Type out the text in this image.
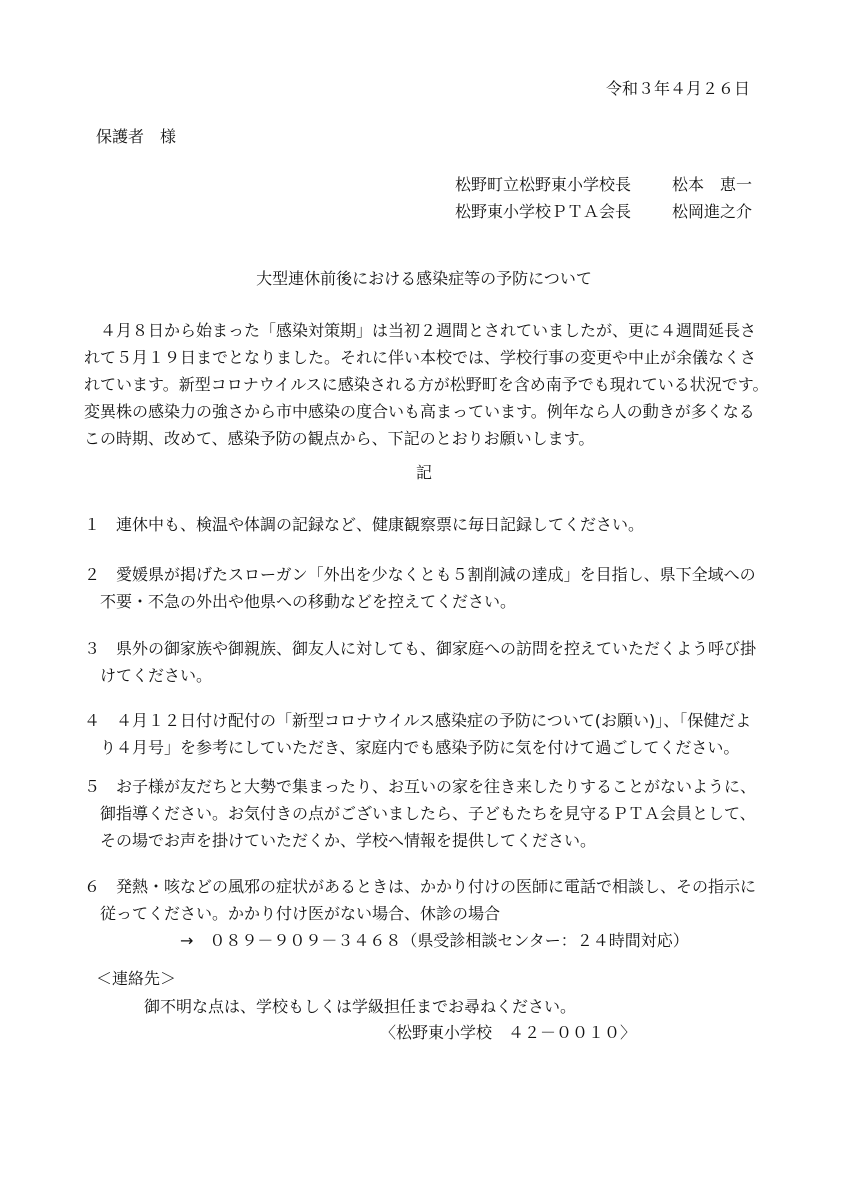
令和３年４月２６日
保護者　様
松野町立松野東小学校長	松本　恵一
松野東小学校ＰＴＡ会長	松岡進之介
大型連休前後における感染症等の予防について
　４月８日から始まった「感染対策期」は当初２週間とされていましたが、更に４週間延長さ
れて５月１９日までとなりました。それに伴い本校では、学校行事の変更や中止が余儀なくさ
れています。新型コロナウイルスに感染される方が松野町を含め南予でも現れている状況です。
変異株の感染力の強さから市中感染の度合いも高まっています。例年なら人の動きが多くなる
この時期、改めて、感染予防の観点から、下記のとおりお願いします。
記
１　連休中も、検温や体調の記録など、健康観察票に毎日記録してください。
２　愛媛県が掲げたスローガン「外出を少なくとも５割削減の達成」を目指し、県下全域への
　不要・不急の外出や他県への移動などを控えてください。
３　県外の御家族や御親族、御友人に対しても、御家庭への訪問を控えていただくよう呼び掛
　けてください。
４　４月１２日付け配付の「新型コロナウイルス感染症の予防について(お願い)」、「保健だよ
　り４月号」を参考にしていただき、家庭内でも感染予防に気を付けて過ごしてください。
５　お子様が友だちと大勢で集まったり、お互いの家を往き来したりすることがないように、
　御指導ください。お気付きの点がございましたら、子どもたちを見守るＰＴＡ会員として、
　その場でお声を掛けていただくか、学校へ情報を提供してください。
６　発熱・咳などの風邪の症状があるときは、かかり付けの医師に電話で相談し、その指示に
　従ってください。かかり付け医がない場合、休診の場合
　　　　　　→　０８９－９０９－３４６８（県受診相談センター：２４時間対応）
＜連絡先＞
御不明な点は、学校もしくは学級担任までお尋ねください。
〈松野東小学校　４２－００１０〉
